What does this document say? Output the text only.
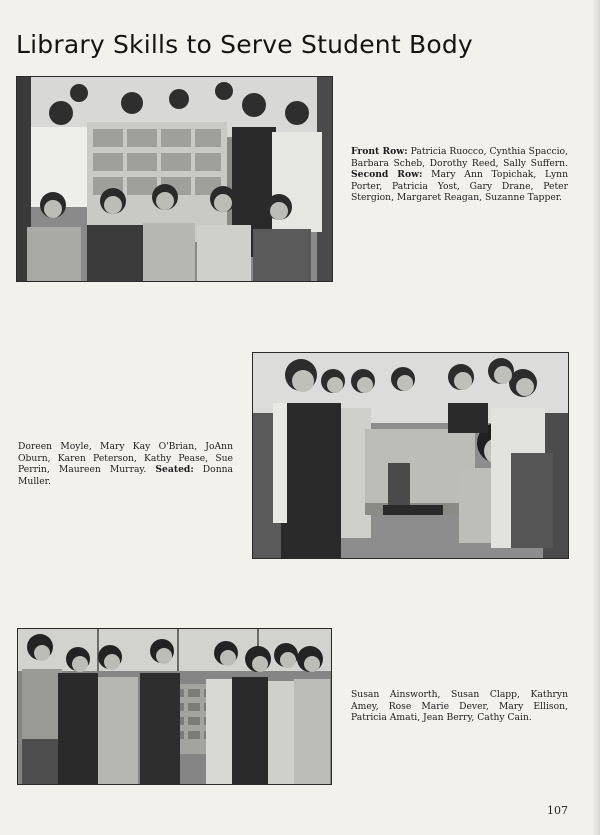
Library Skills to Serve Student Body
Front Row: Patricia Ruocco, Cynthia Spaccio, Barbara Scheb, Dorothy Reed, Sally Suffern. Second Row: Mary Ann Topichak, Lynn Porter, Patricia Yost, Gary Drane, Peter Stergion, Margaret Reagan, Suzanne Tapper.
Doreen Moyle, Mary Kay O'Brian, JoAnn Oburn, Karen Peterson, Kathy Pease, Sue Perrin, Maureen Murray. Seated: Donna Muller.
Susan Ainsworth, Susan Clapp, Kathryn Amey, Rose Marie Dever, Mary Ellison, Patricia Amati, Jean Berry, Cathy Cain.
107
